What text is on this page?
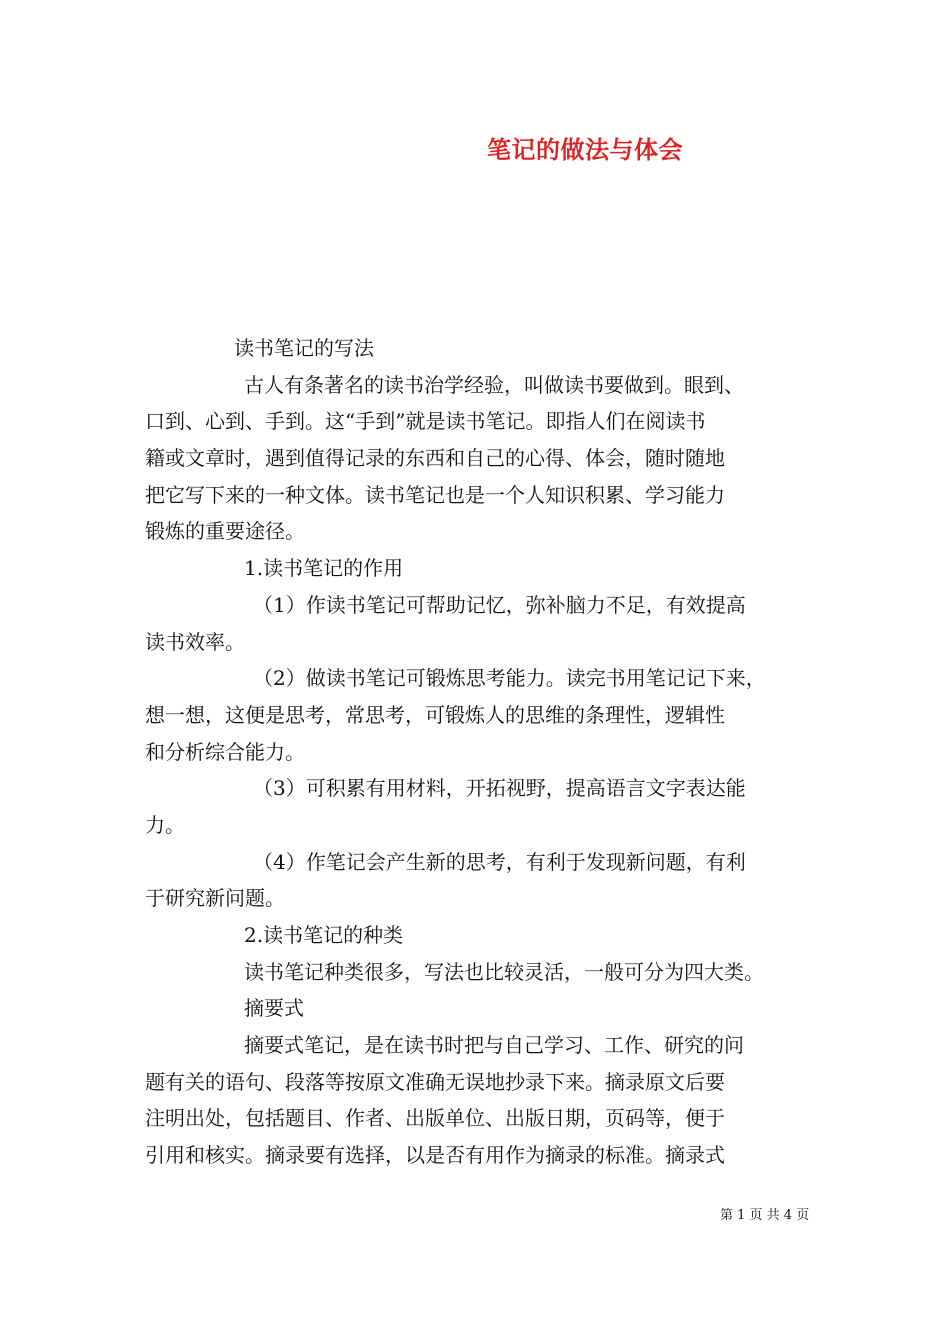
笔记的做法与体会
读书笔记的写法
古人有条著名的读书治学经验，叫做读书要做到。眼到、
口到、心到、手到。这“手到”就是读书笔记。即指人们在阅读书
籍或文章时，遇到值得记录的东西和自己的心得、体会，随时随地
把它写下来的一种文体。读书笔记也是一个人知识积累、学习能力
锻炼的重要途径。
1.读书笔记的作用
（1）作读书笔记可帮助记忆，弥补脑力不足，有效提高
读书效率。
（2）做读书笔记可锻炼思考能力。读完书用笔记记下来，
想一想，这便是思考，常思考，可锻炼人的思维的条理性，逻辑性
和分析综合能力。
（3）可积累有用材料，开拓视野，提高语言文字表达能
力。
（4）作笔记会产生新的思考，有利于发现新问题，有利
于研究新问题。
2.读书笔记的种类
读书笔记种类很多，写法也比较灵活，一般可分为四大类。
摘要式
摘要式笔记，是在读书时把与自己学习、工作、研究的问
题有关的语句、段落等按原文准确无误地抄录下来。摘录原文后要
注明出处，包括题目、作者、出版单位、出版日期，页码等，便于
引用和核实。摘录要有选择，以是否有用作为摘录的标准。摘录式
第 1 页 共 4 页
